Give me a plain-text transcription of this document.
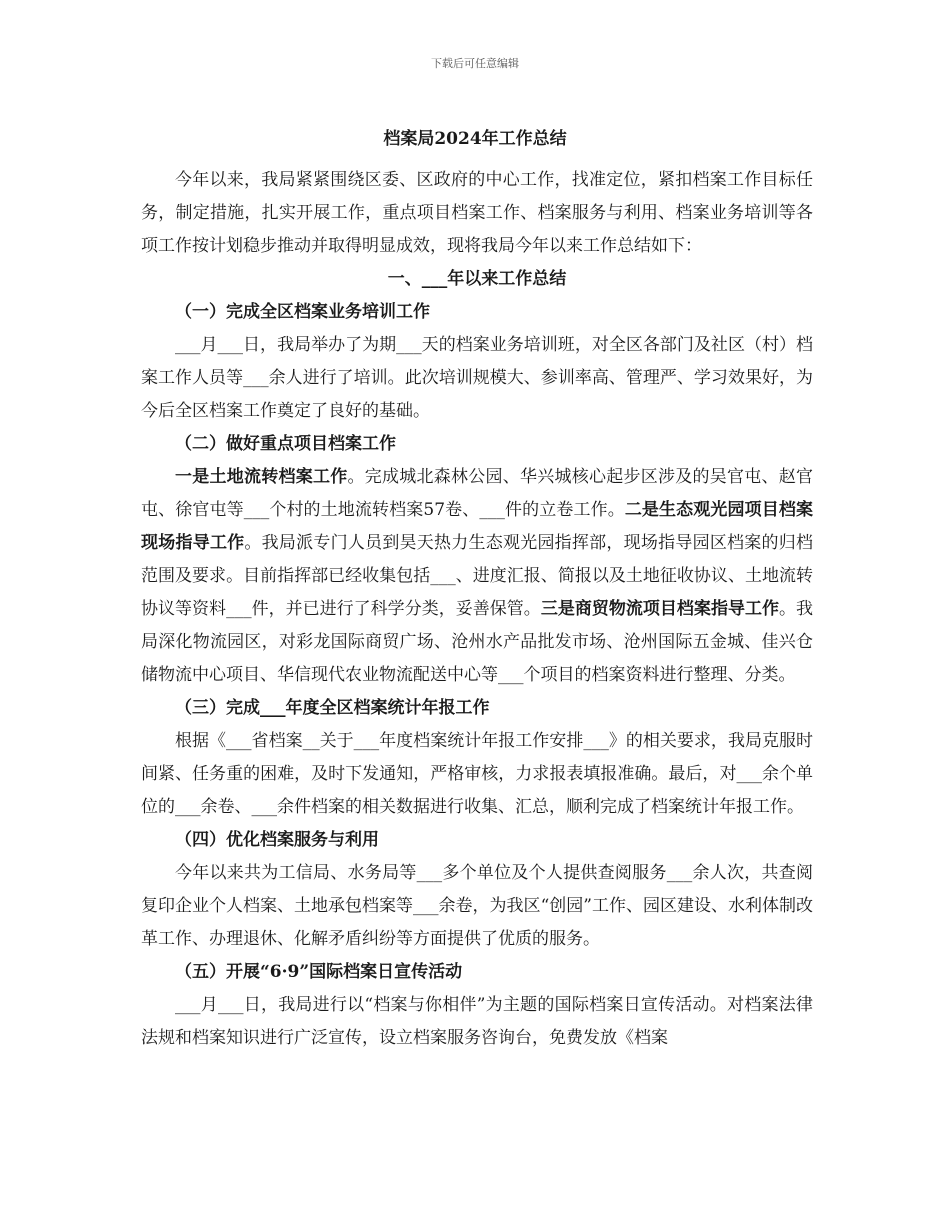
下载后可任意编辑
档案局2024年工作总结

今年以来，我局紧紧围绕区委、区政府的中心工作，找准定位，紧扣档案工作目标任务，制定措施，扎实开展工作，重点项目档案工作、档案服务与利用、档案业务培训等各项工作按计划稳步推动并取得明显成效，现将我局今年以来工作总结如下：

一、___年以来工作总结

（一）完成全区档案业务培训工作

___月___日，我局举办了为期___天的档案业务培训班，对全区各部门及社区（村）档案工作人员等___余人进行了培训。此次培训规模大、参训率高、管理严、学习效果好，为今后全区档案工作奠定了良好的基础。

（二）做好重点项目档案工作

一是土地流转档案工作。完成城北森林公园、华兴城核心起步区涉及的吴官屯、赵官屯、徐官屯等___个村的土地流转档案57卷、___件的立卷工作。二是生态观光园项目档案现场指导工作。我局派专门人员到昊天热力生态观光园指挥部，现场指导园区档案的归档范围及要求。目前指挥部已经收集包括___、进度汇报、简报以及土地征收协议、土地流转协议等资料___件，并已进行了科学分类，妥善保管。三是商贸物流项目档案指导工作。我局深化物流园区，对彩龙国际商贸广场、沧州水产品批发市场、沧州国际五金城、佳兴仓储物流中心项目、华信现代农业物流配送中心等___个项目的档案资料进行整理、分类。

（三）完成___年度全区档案统计年报工作

根据《___省档案__关于___年度档案统计年报工作安排___》的相关要求，我局克服时间紧、任务重的困难，及时下发通知，严格审核，力求报表填报准确。最后，对___余个单位的___余卷、___余件档案的相关数据进行收集、汇总，顺利完成了档案统计年报工作。

（四）优化档案服务与利用

今年以来共为工信局、水务局等___多个单位及个人提供查阅服务___余人次，共查阅复印企业个人档案、土地承包档案等___余卷，为我区“创园”工作、园区建设、水利体制改革工作、办理退休、化解矛盾纠纷等方面提供了优质的服务。

（五）开展“6·9”国际档案日宣传活动

___月___日，我局进行以“档案与你相伴”为主题的国际档案日宣传活动。对档案法律法规和档案知识进行广泛宣传，设立档案服务咨询台，免费发放《档案
